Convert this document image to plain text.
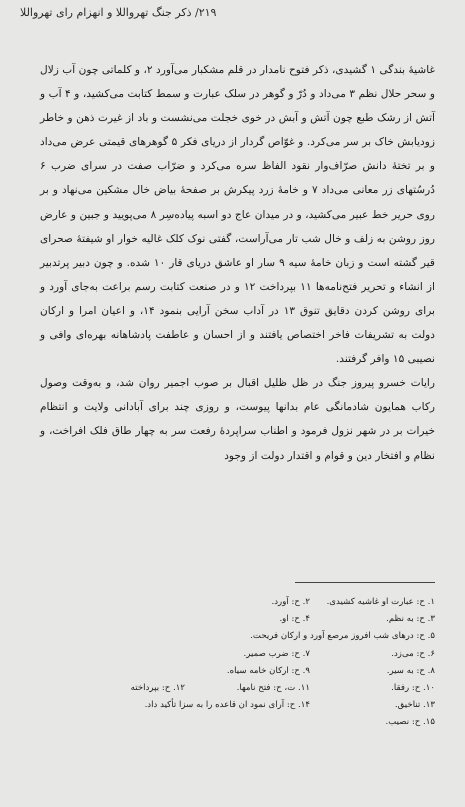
۲۱۹/ ذکر جنگ تهرواللا و انهزام رای تهرواللا

غاشیهٔ بندگی ۱ گشیدی، ذکر فتوح نامدار در قلم مشکبار می‌آورد ۲، و کلماتی چون آب زلال و سحر حلال نظم ۳ می‌داد و دُرّ و گوهر در سلک عبارت و سمط کتابت می‌کشید، و ۴ آب و آتش از رشک طبع چون آتش و آبش در خوی خجلت می‌نشست و باد از غیرت ذهن و خاطر زودیابش خاک بر سر می‌کرد. و غوّاص گردار از دریای فکر ۵ گوهرهای قیمتی عرض می‌داد و بر تختهٔ دانش صرّاف‌وار نقود الفاظ سره می‌کرد و ضرّاب صفت در سرای ضرب ۶ دُرسُتهای زر معانی می‌داد ۷ و خامهٔ زرد پیکرش بر صفحهٔ بیاض خال مشکین می‌نهاد و بر روی حریر خط عبیر می‌کشید، و در میدان عاج دو اسبه پیاده‌سِر ۸ می‌پویید و جبین و عارض روز روشن به زلف و خال شب تار می‌آراست، گفتی نوک کلک غالیه خوار او شیفتهٔ صحرای قیر گشته است و زبان خامهٔ سیه ۹ سار او عاشق دریای قار ۱۰ شده. و چون دبیر پرتدبیر از انشاء و تحریر فتح‌نامه‌ها ۱۱ بپرداخت ۱۲ و در صنعت کتابت رسم براعت به‌جای آورد و برای روشن کردن دقایق تنوق ۱۳ در آداب سخن آرایی بنمود ۱۴، و اعیان امرا و ارکان دولت به تشریفات فاخر اختصاص یافتند و از احسان و عاطفت پادشاهانه بهره‌ای وافی و نصیبی ۱۵ وافر گرفتند.

رایات خسرو پیروز جنگ در ظل ظلیل اقبال بر صوب اجمیر روان شد، و به‌وقت وصول رکاب همایون شادمانگی عام بدانها پیوست، و روزی چند برای آبادانی ولایت و انتظام خیرات بر در شهر نزول فرمود و اطناب سراپردهٔ رفعت سر به چهار طاق فلک افراخت، و نظام و افتخار دین و قوام و اقتدار دولت از وجود

۱. ح: عبارت او غاشیه کشیدی.
۲. ح: آورد.
۳. ح: به نظم.
۴. ح: او.
۵. ح: درهای شب افروز مرصع آورد و ارکان فریحت.
۶. ح: می‌زد.
۷. ح: ضرب صمیر.
۸. ح: به سیر.
۹. ح: ارکان خامه سیاه.
۱۰. ح: رفقا.
۱۱. ت، ح: فتح نامها.
۱۲. ح: بپرداخته
۱۳. تناخیق.
۱۴. ح: آرای نمود ان قاعده را به سزا تأکید داد.
۱۵. ح: نصیب.
